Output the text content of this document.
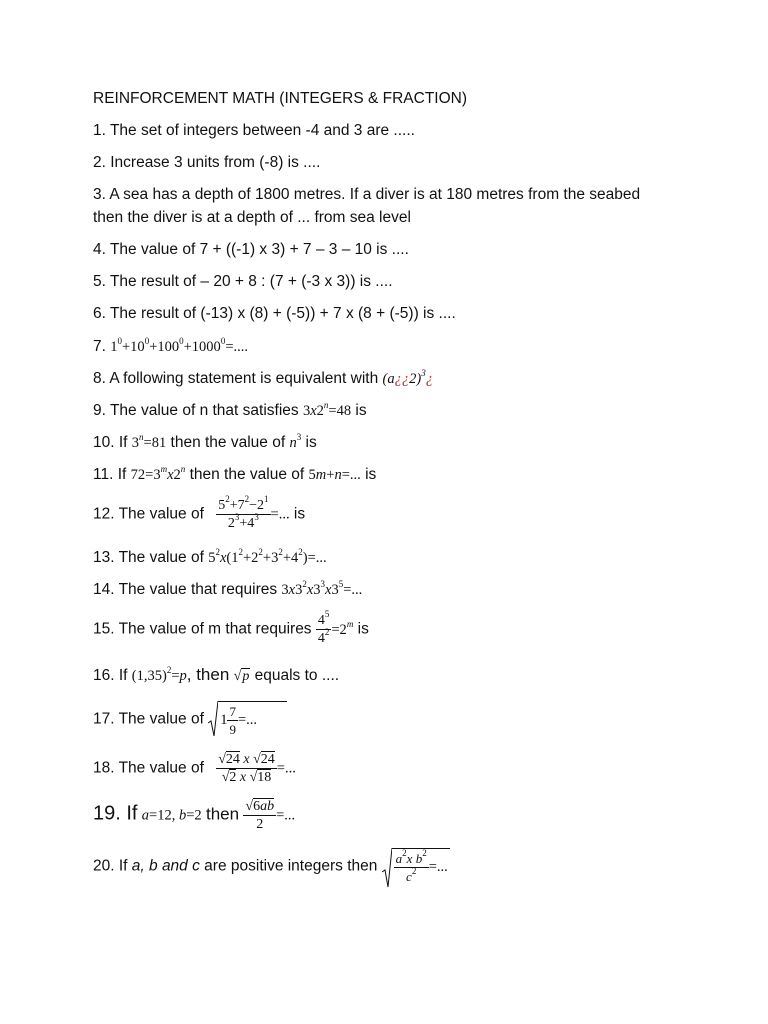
REINFORCEMENT MATH (INTEGERS & FRACTION)
1. The set of integers between -4 and 3 are .....
2. Increase 3 units from (-8) is ....
3. A sea has a depth of 1800 metres. If a diver is at 180 metres from the seabed
then the diver is at a depth of ... from sea level
4. The value of 7 + ((-1) x 3) + 7 – 3 – 10 is ....
5. The result of – 20 + 8 : (7 + (-3 x 3)) is ....
6. The result of (-13) x (8) + (-5)) + 7 x (8 + (-5)) is ....
7. $1^0+10^0+100^0+1000^0=$....
8. A following statement is equivalent with (a¿¿2)$^3$¿
9. The value of n that satisfies $3x2^n=48$ is
10. If $3^n=81$ then the value of $n^3$ is
11. If $72=3^mx2^n$ then the value of 5m+n=... is
12. The value of $\frac{5^2+7^2-2^1}{2^3+4^3}$ =... is
13. The value of $5^2x(1^2+2^2+3^2+4^2)=$...
14. The value that requires $3x3^2x3^3x3^5=$...
15. The value of m that requires $\frac{4^5}{4^2} =2^m$ is
16. If $(1,35)^2=p$, then √p equals to ....
17. The value of $1 \frac{7}{9}$ =...
18. The value of $\frac{√24 x √24}{√2 x √18}$ =...
19. If a=12, b=2 then $\frac{√6ab}{2}$ =...
20. If a, b and c are positive integers then $\frac{a^2x b^2}{c^2}$ =...
